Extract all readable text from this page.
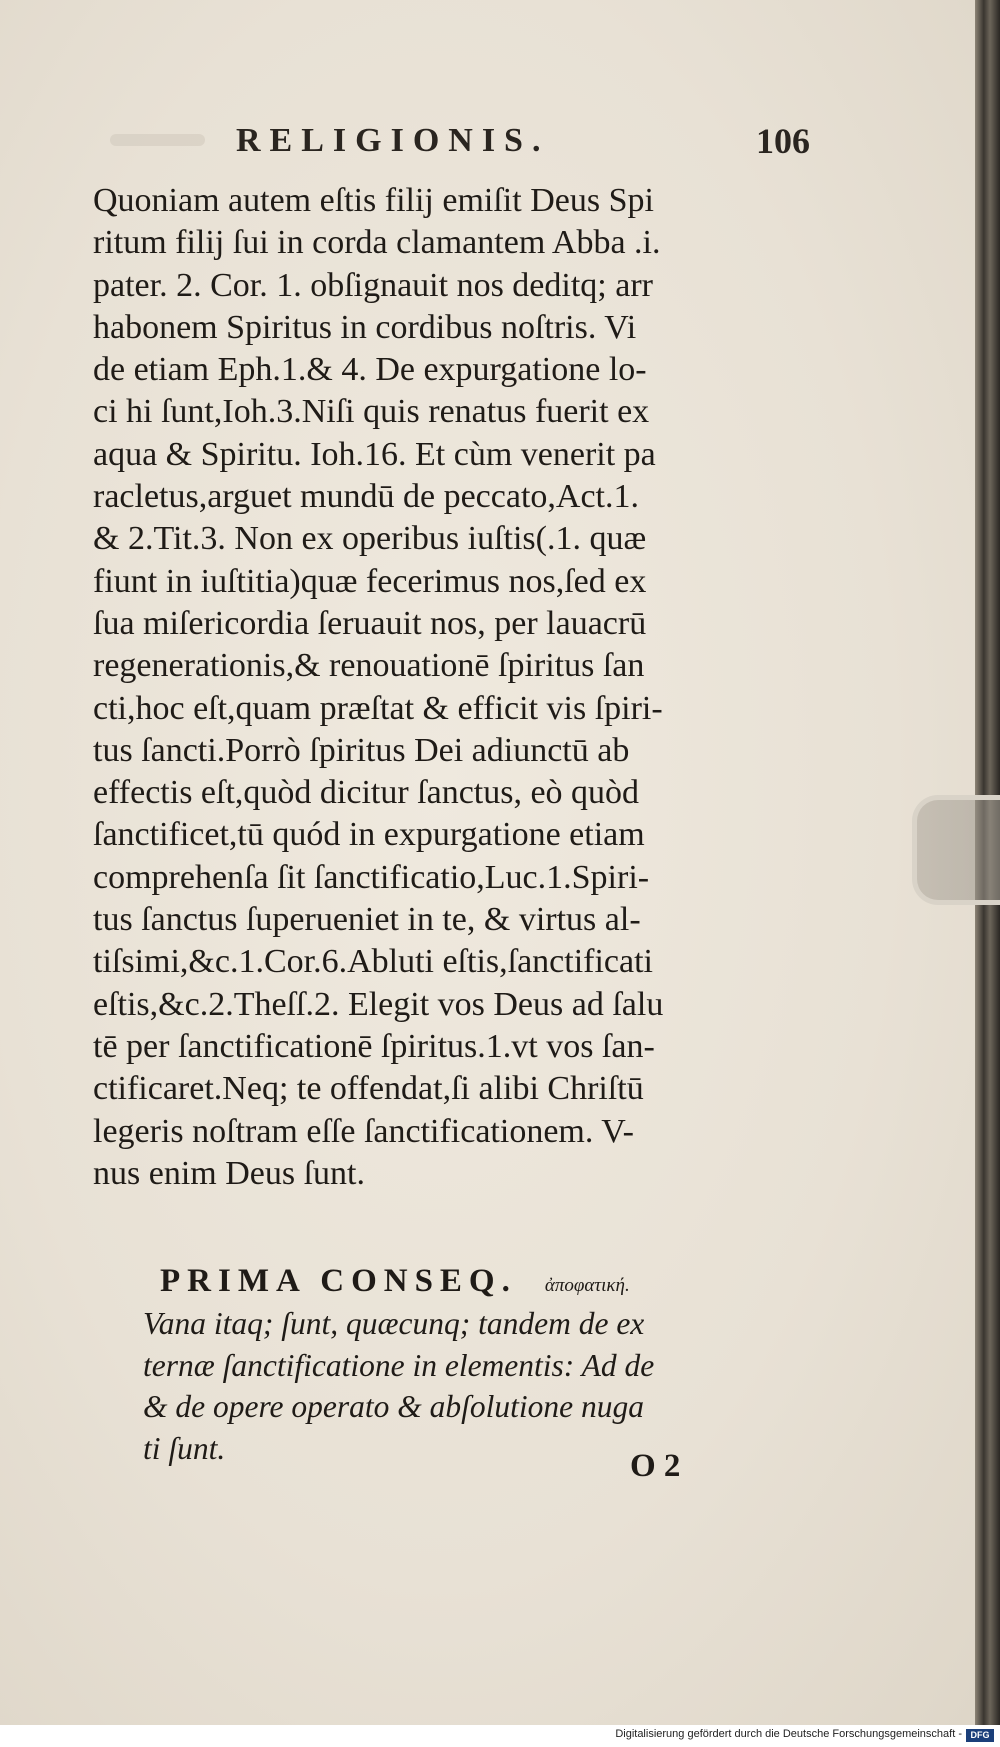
RELIGIONIS.	106
Quoniam autem eſtis filij emiſit Deus Spi
ritum filij ſui in corda clamantem Abba .i.
pater. 2. Cor. 1. obſignauit nos deditq; arr
habonem Spiritus in cordibus noſtris. Vi
de etiam Eph.1.& 4. De expurgatione lo-
ci hi ſunt,Ioh.3.Niſi quis renatus fuerit ex
aqua & Spiritu. Ioh.16. Et cùm venerit pa
racletus,arguet mundū de peccato,Act.1.
& 2.Tit.3. Non ex operibus iuſtis(.1. quæ
fiunt in iuſtitia)quæ fecerimus nos,ſed ex
ſua miſericordia ſeruauit nos, per lauacrū
regenerationis,& renouationē ſpiritus ſan
cti,hoc eſt,quam præſtat & efficit vis ſpiri-
tus ſancti.Porrò ſpiritus Dei adiunctū ab
effectis eſt,quòd dicitur ſanctus, eò quòd
ſanctificet,tū quód in expurgatione etiam
comprehenſa ſit ſanctificatio,Luc.1.Spiri-
tus ſanctus ſuperueniet in te, & virtus al-
tiſsimi,&c.1.Cor.6.Abluti eſtis,ſanctificati
eſtis,&c.2.Theſſ.2. Elegit vos Deus ad ſalu
tē per ſanctificationē ſpiritus.1.vt vos ſan-
ctificaret.Neq; te offendat,ſi alibi Chriſtū
legeris noſtram eſſe ſanctificationem. V-
nus enim Deus ſunt.
PRIMA CONSEQ. ἀποφατική.
Vana itaq; ſunt, quæcunq; tandem de ex
ternæ ſanctificatione in elementis: Ad de
& de opere operato & abſolutione nuga
ti ſunt.	O 2
Digitalisierung gefördert durch die Deutsche Forschungsgemeinschaft - DFG
